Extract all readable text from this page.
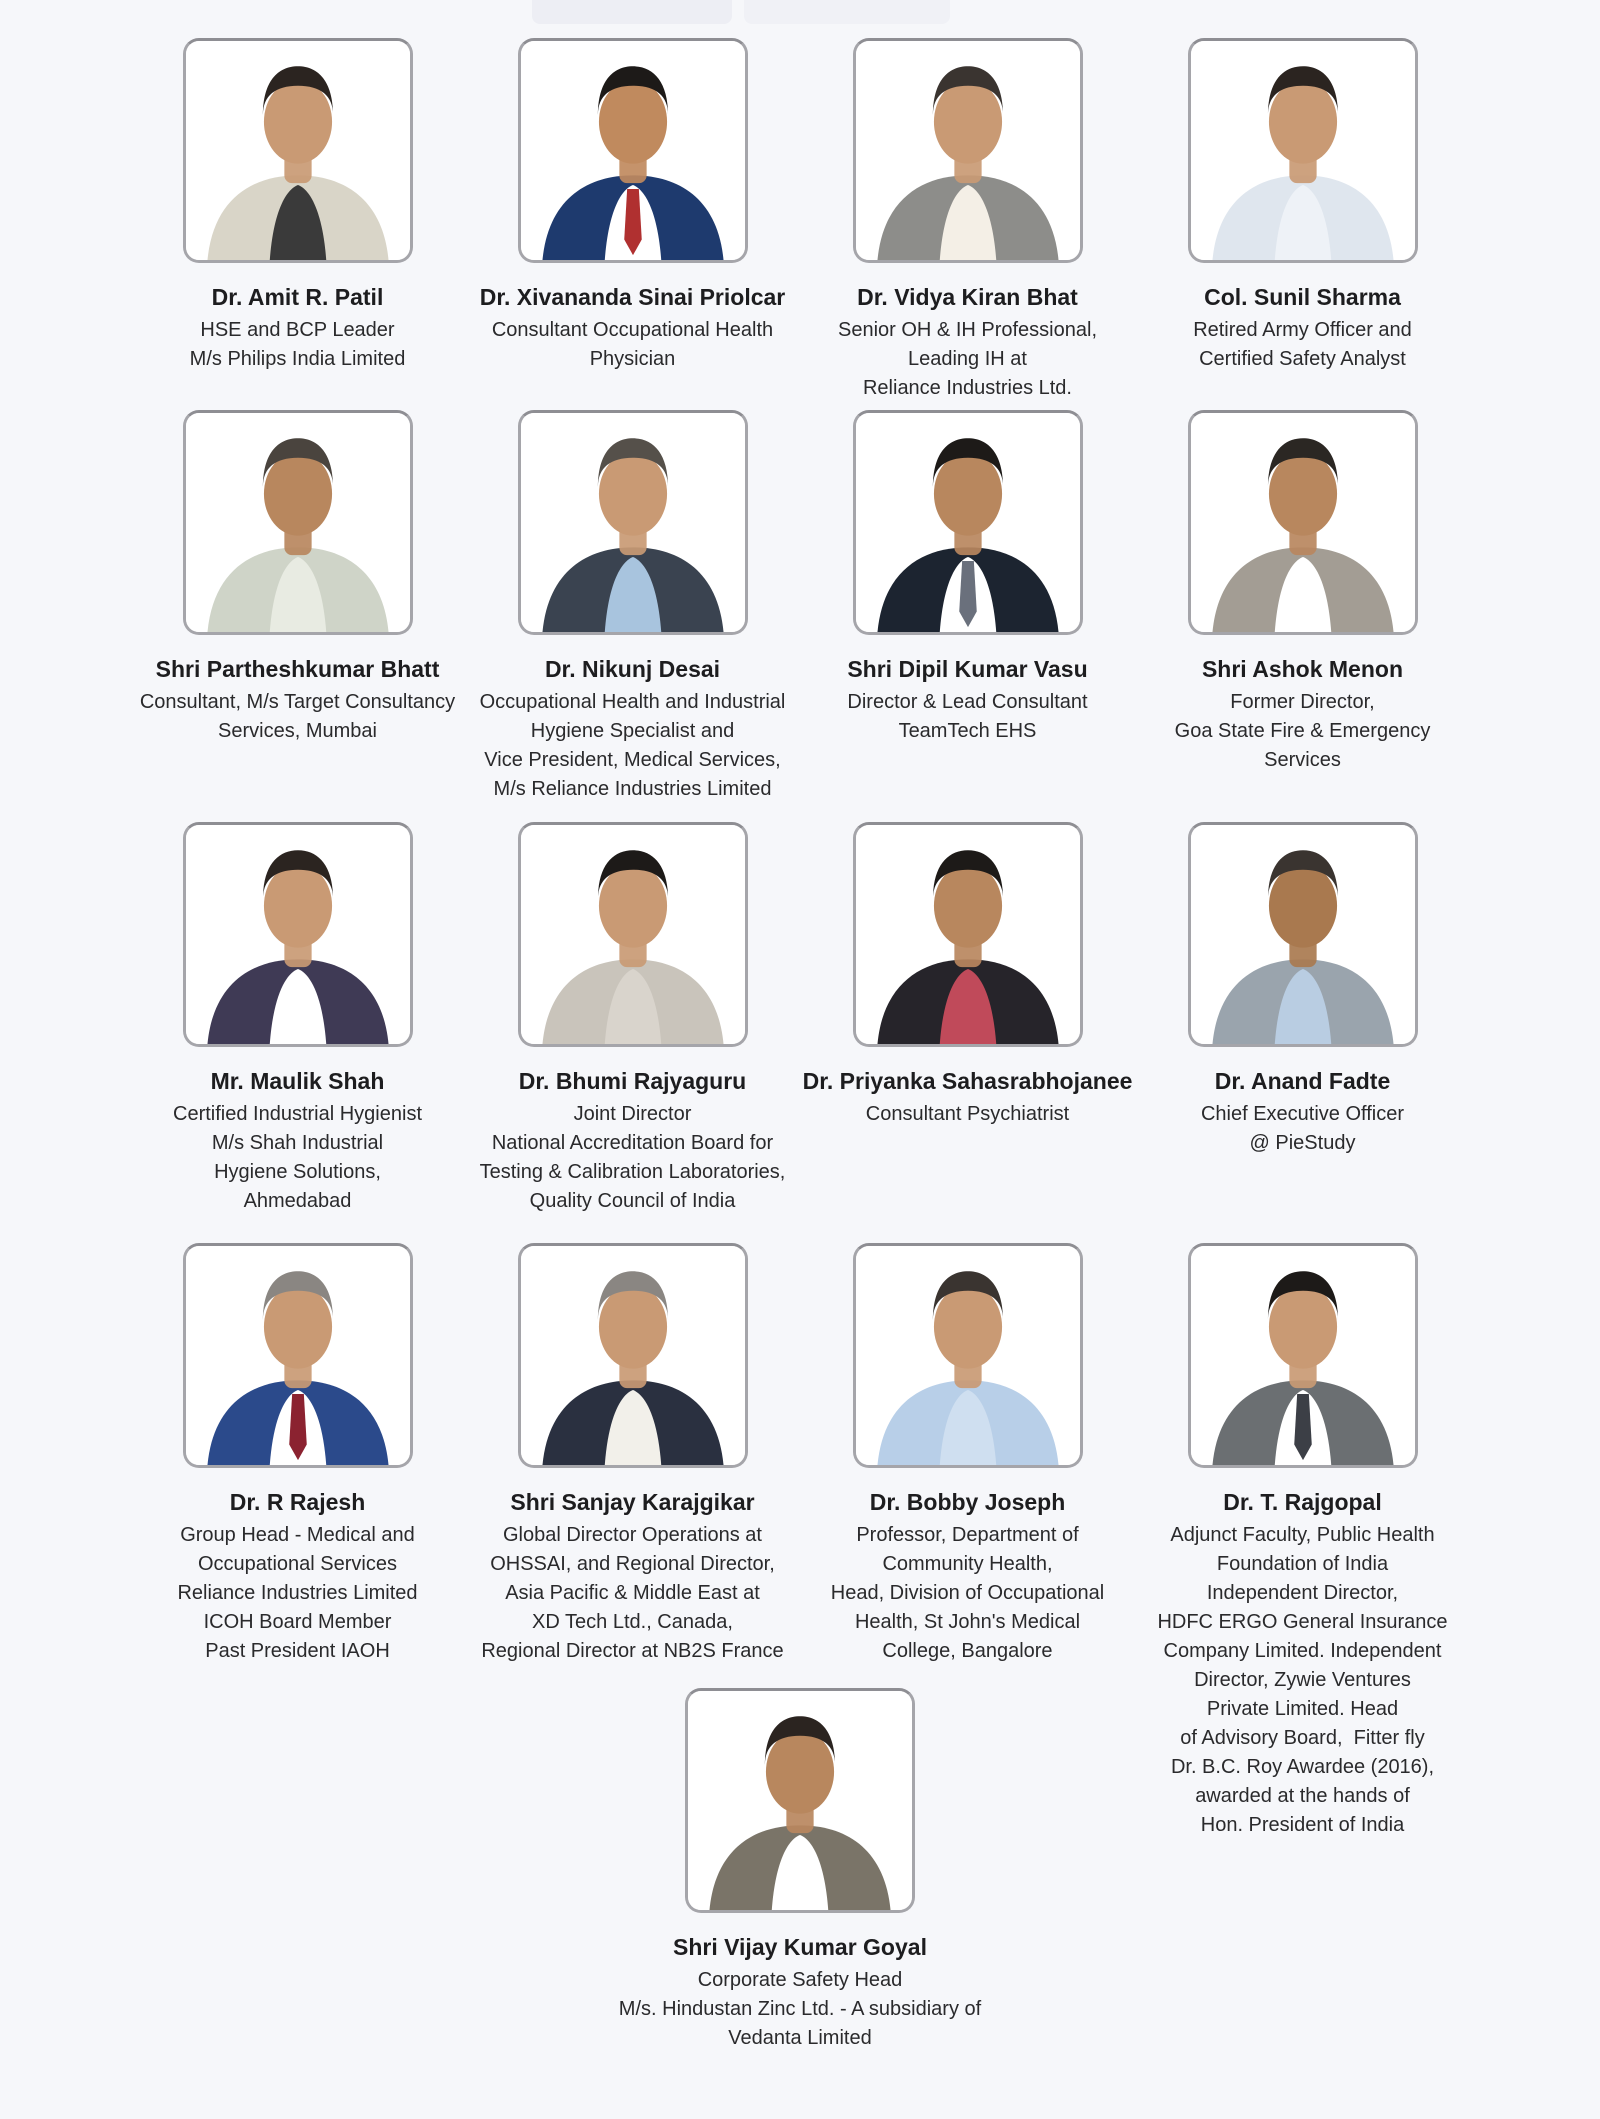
Dr. Amit R. Patil
HSE and BCP Leader
M/s Philips India Limited
Dr. Xivananda Sinai Priolcar
Consultant Occupational Health
Physician
Dr. Vidya Kiran Bhat
Senior OH & IH Professional,
Leading IH at
Reliance Industries Ltd.
Col. Sunil Sharma
Retired Army Officer and
Certified Safety Analyst
Shri Partheshkumar Bhatt
Consultant, M/s Target Consultancy
Services, Mumbai
Dr. Nikunj Desai
Occupational Health and Industrial
Hygiene Specialist and
Vice President, Medical Services,
M/s Reliance Industries Limited
Shri Dipil Kumar Vasu
Director & Lead Consultant
TeamTech EHS
Shri Ashok Menon
Former Director,
Goa State Fire & Emergency
Services
Mr. Maulik Shah
Certified Industrial Hygienist
M/s Shah Industrial
Hygiene Solutions,
Ahmedabad
Dr. Bhumi Rajyaguru
Joint Director
National Accreditation Board for
Testing & Calibration Laboratories,
Quality Council of India
Dr. Priyanka Sahasrabhojanee
Consultant Psychiatrist
Dr. Anand Fadte
Chief Executive Officer
@ PieStudy
Dr. R Rajesh
Group Head - Medical and
Occupational Services
Reliance Industries Limited
ICOH Board Member
Past President IAOH
Shri Sanjay Karajgikar
Global Director Operations at
OHSSAI, and Regional Director,
Asia Pacific & Middle East at
XD Tech Ltd., Canada,
Regional Director at NB2S France
Dr. Bobby Joseph
Professor, Department of
Community Health,
Head, Division of Occupational
Health, St John's Medical
College, Bangalore
Dr. T. Rajgopal
Adjunct Faculty, Public Health
Foundation of India
Independent Director,
HDFC ERGO General Insurance
Company Limited. Independent
Director, Zywie Ventures
Private Limited. Head
of Advisory Board,  Fitter fly
Dr. B.C. Roy Awardee (2016),
awarded at the hands of
Hon. President of India
Shri Vijay Kumar Goyal
Corporate Safety Head
M/s. Hindustan Zinc Ltd. - A subsidiary of
Vedanta Limited
